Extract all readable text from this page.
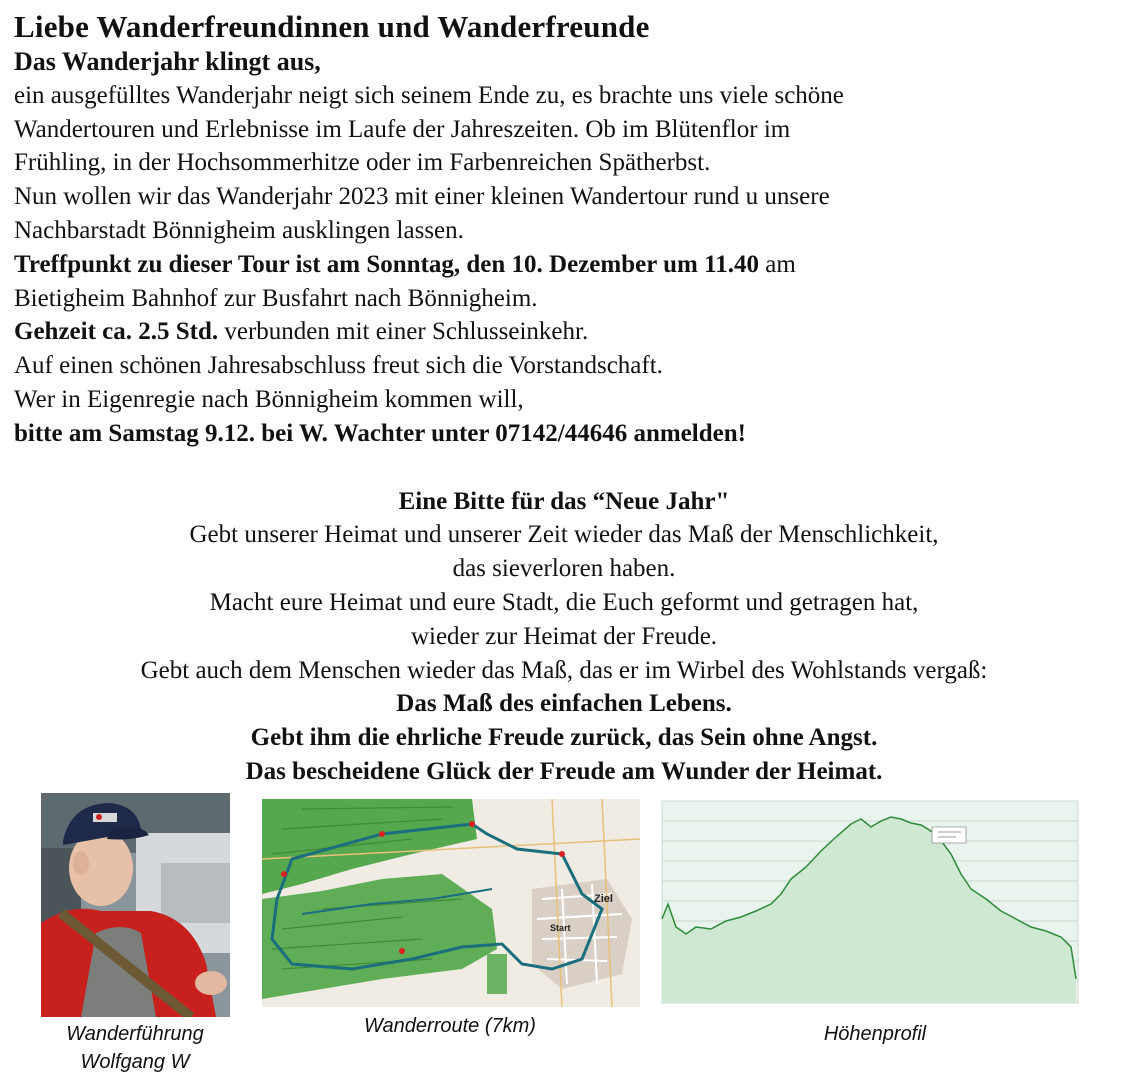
Liebe Wanderfreundinnen und Wanderfreunde

Das Wanderjahr klingt aus,

ein ausgefülltes Wanderjahr neigt sich seinem Ende zu, es brachte uns viele schöne

Wandertouren und Erlebnisse im Laufe der Jahreszeiten. Ob im Blütenflor im

Frühling, in der Hochsommerhitze oder im Farbenreichen Spätherbst.

Nun wollen wir das Wanderjahr 2023 mit einer kleinen Wandertour rund u unsere

Nachbarstadt Bönnigheim ausklingen lassen.

Treffpunkt zu dieser Tour ist am Sonntag, den 10. Dezember um 11.40 am

Bietigheim Bahnhof zur Busfahrt nach Bönnigheim.

Gehzeit ca. 2.5 Std. verbunden mit einer Schlusseinkehr.

Auf einen schönen Jahresabschluss freut sich die Vorstandschaft.

Wer in Eigenregie nach Bönnigheim kommen will,

bitte am Samstag 9.12. bei W. Wachter unter 07142/44646 anmelden!

Eine Bitte für das “Neue Jahr"

Gebt unserer Heimat und unserer Zeit wieder das Maß der Menschlichkeit,

das sieverloren haben.

Macht eure Heimat und eure Stadt, die Euch geformt und getragen hat,

wieder zur Heimat der Freude.

Gebt auch dem Menschen wieder das Maß, das er im Wirbel des Wohlstands vergaß:

Das Maß des einfachen Lebens.

Gebt ihm die ehrliche Freude zurück, das Sein ohne Angst.

Das bescheidene Glück der Freude am Wunder der Heimat.

Wanderführung
Wolfgang W
Ziel
Start
Wanderroute (7km)	Höhenprofil
